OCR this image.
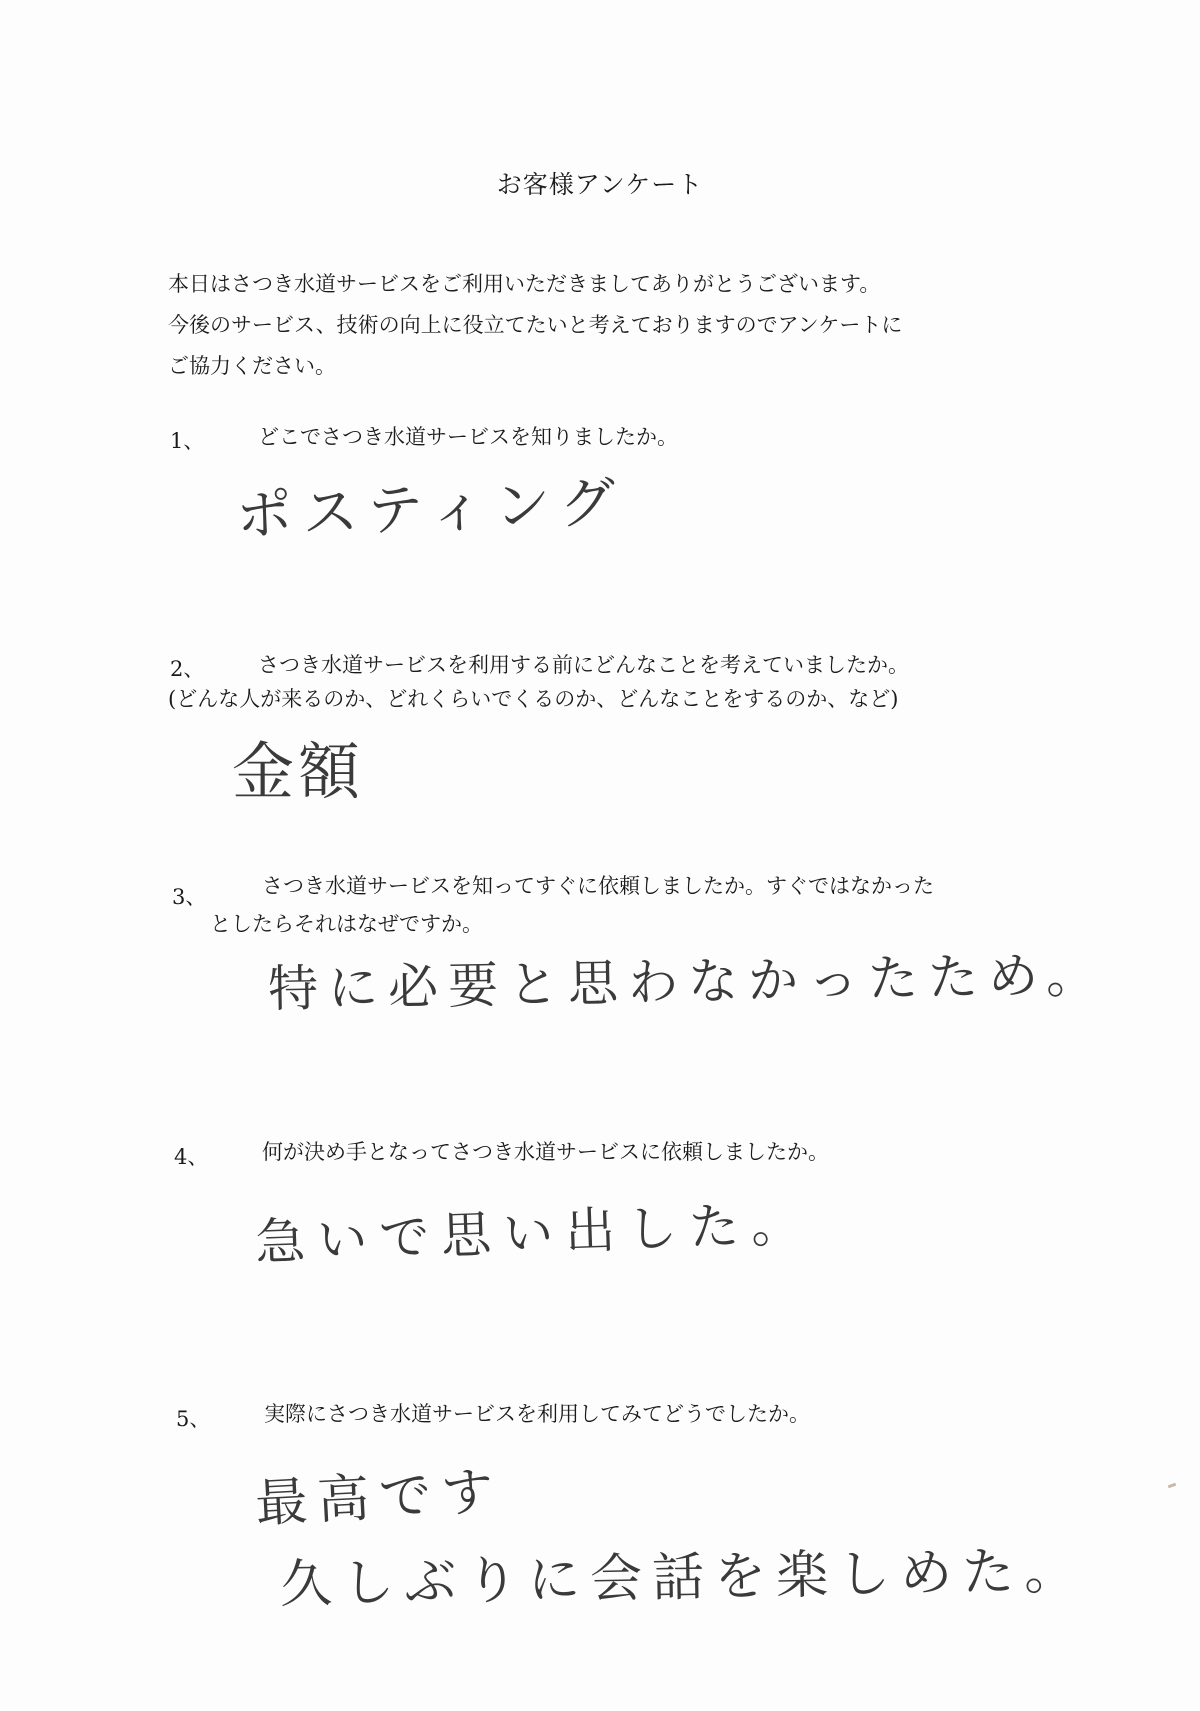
お客様アンケート
本日はさつき水道サービスをご利用いただきましてありがとうございます。
今後のサービス、技術の向上に役立てたいと考えておりますのでアンケートに
ご協力ください。
1、	どこでさつき水道サービスを知りましたか。
ポスティング
2、	さつき水道サービスを利用する前にどんなことを考えていましたか。
(どんな人が来るのか、どれくらいでくるのか、どんなことをするのか、など)
金額
3、	さつき水道サービスを知ってすぐに依頼しましたか。すぐではなかった
としたらそれはなぜですか。
特に必要と思わなかったため。
4、	何が決め手となってさつき水道サービスに依頼しましたか。
急いで思い出した。
5、	実際にさつき水道サービスを利用してみてどうでしたか。
最高です
久しぶりに会話を楽しめた。
